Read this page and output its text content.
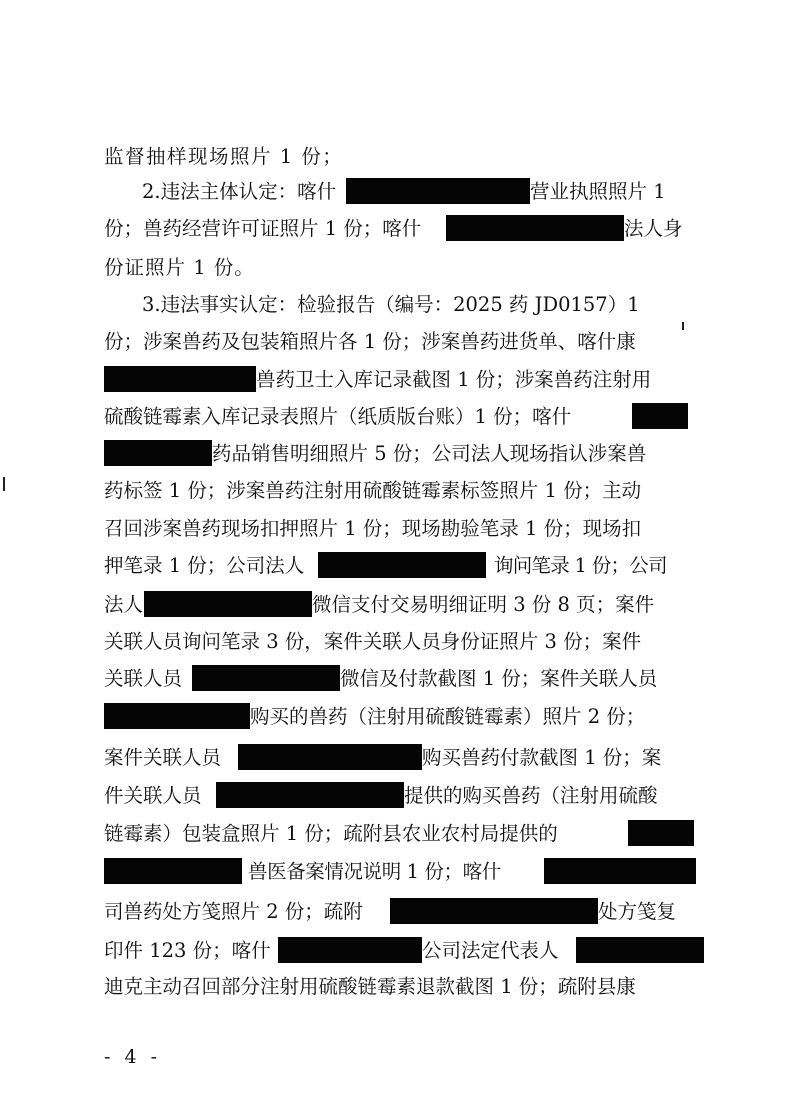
监督抽样现场照片 1 份；
2.违法主体认定：喀什	营业执照照片 1
份；兽药经营许可证照片 1 份；喀什	法人身
份证照片 1 份。
3.违法事实认定：检验报告（编号：2025 药 JD0157）1
份；涉案兽药及包装箱照片各 1 份；涉案兽药进货单、喀什康
兽药卫士入库记录截图 1 份；涉案兽药注射用
硫酸链霉素入库记录表照片（纸质版台账）1 份；喀什
药品销售明细照片 5 份；公司法人现场指认涉案兽
药标签 1 份；涉案兽药注射用硫酸链霉素标签照片 1 份；主动
召回涉案兽药现场扣押照片 1 份；现场勘验笔录 1 份；现场扣
押笔录 1 份；公司法人	询问笔录 1 份；公司
法人	微信支付交易明细证明 3 份 8 页；案件
关联人员询问笔录 3 份，案件关联人员身份证照片 3 份；案件
关联人员	微信及付款截图 1 份；案件关联人员
购买的兽药（注射用硫酸链霉素）照片 2 份；
案件关联人员	购买兽药付款截图 1 份；案
件关联人员	提供的购买兽药（注射用硫酸
链霉素）包装盒照片 1 份；疏附县农业农村局提供的
兽医备案情况说明 1 份；喀什
司兽药处方笺照片 2 份；疏附	处方笺复
印件 123 份；喀什	公司法定代表人
迪克主动召回部分注射用硫酸链霉素退款截图 1 份；疏附县康
- 4 -
